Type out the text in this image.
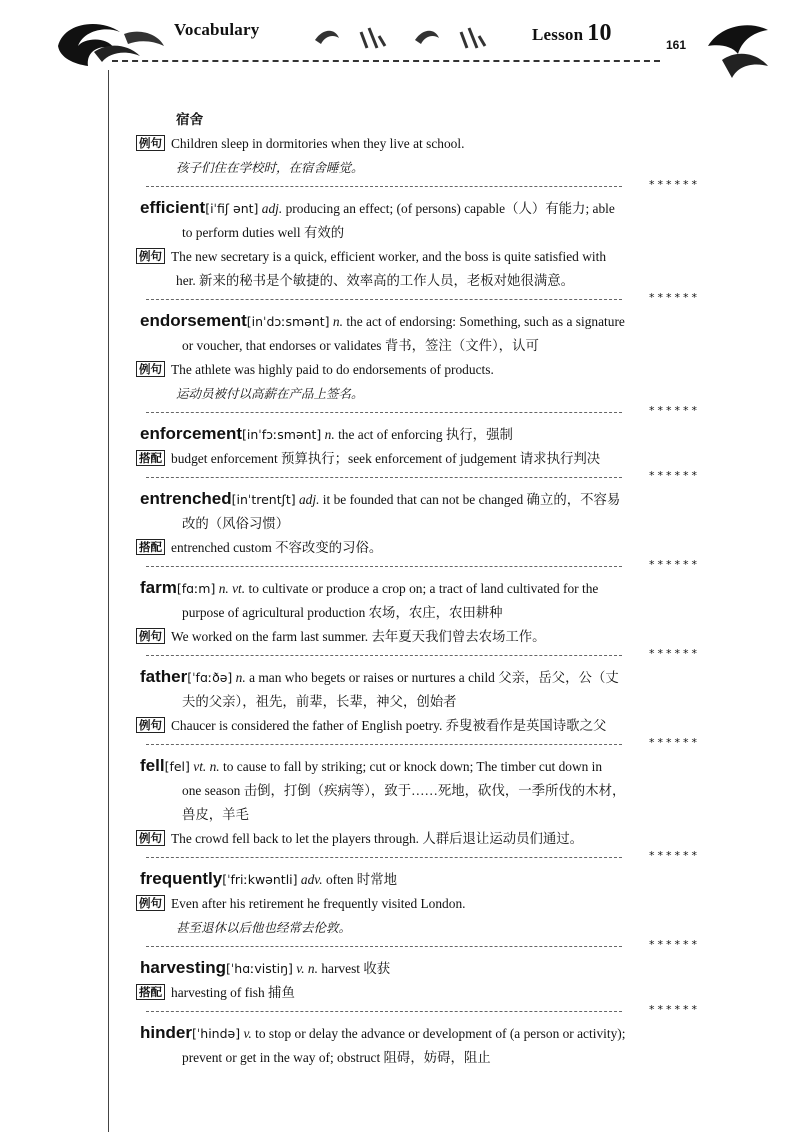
Vocabulary	Lesson 10	161
宿舍
例句 Children sleep in dormitories when they live at school.
孩子们住在学校时，在宿舍睡觉。
******
efficient[iˈfiʃ ənt] adj. producing an effect; (of persons) capable（人）有能力; able
to perform duties well 有效的
例句 The new secretary is a quick, efficient worker, and the boss is quite satisfied with
her. 新来的秘书是个敏捷的、效率高的工作人员，老板对她很满意。
******
endorsement[inˈdɔːsmənt] n. the act of endorsing: Something, such as a signature
or voucher, that endorses or validates 背书，签注（文件），认可
例句 The athlete was highly paid to do endorsements of products.
运动员被付以高薪在产品上签名。
******
enforcement[inˈfɔːsmənt] n. the act of enforcing 执行，强制
搭配 budget enforcement 预算执行；seek enforcement of judgement 请求执行判决
******
entrenched[inˈtrentʃt] adj. it be founded that can not be changed 确立的，不容易
改的（风俗习惯）
搭配 entrenched custom 不容改变的习俗。
******
farm[fɑːm] n. vt. to cultivate or produce a crop on; a tract of land cultivated for the
purpose of agricultural production 农场，农庄，农田耕种
例句 We worked on the farm last summer. 去年夏天我们曾去农场工作。
******
father[ˈfɑːðə] n. a man who begets or raises or nurtures a child 父亲，岳父，公（丈
夫的父亲），祖先，前辈，长辈，神父，创始者
例句 Chaucer is considered the father of English poetry. 乔叟被看作是英国诗歌之父
******
fell[fel] vt. n. to cause to fall by striking; cut or knock down; The timber cut down in
one season 击倒，打倒（疾病等），致于……死地，砍伐，一季所伐的木材，
兽皮，羊毛
例句 The crowd fell back to let the players through. 人群后退让运动员们通过。
******
frequently[ˈfriːkwəntli] adv. often 时常地
例句 Even after his retirement he frequently visited London.
甚至退休以后他也经常去伦敦。
******
harvesting[ˈhɑːvistiŋ] v. n. harvest 收获
搭配 harvesting of fish 捕鱼
******
hinder[ˈhində] v. to stop or delay the advance or development of (a person or activity);
prevent or get in the way of; obstruct 阻碍，妨碍，阻止
